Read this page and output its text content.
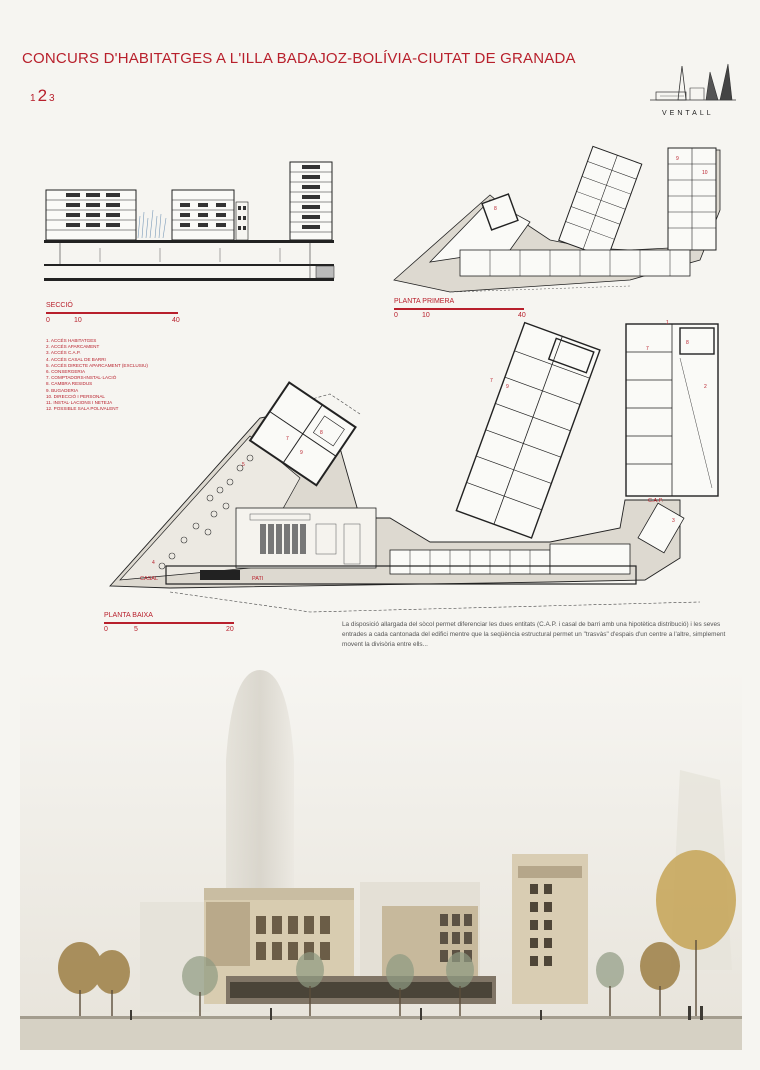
CONCURS D'HABITATGES A L'ILLA BADAJOZ-BOLÍVIA-CIUTAT DE GRANADA
1 2 3
VENTALL
SECCIÓ
0	10	40
8
9
10
PLANTA PRIMERA
0	10	40
1. ACCÉS HABITATGES
2. ACCÉS APARCAMENT
3. ACCÉS C.A.P.
4. ACCÉS CASAL DE BARRI
5. ACCÉS DIRECTE APARCAMENT (EXCLUSIU)
6. CONSERGERIA
7. COMPTADORS-INSTAL·LACIÓ
8. CAMBRA RESIDUS
9. BUGADERIA
10. DIRECCIÓ I PERSONAL
11. INSTAL·LACIONS I NETEJA
12. POSSIBLE SALA POLIVALENT
CASAL	PATI
C.A.P.
7
8
9
5
4
3
2
1
7
9
7
8
PLANTA BAIXA
0	5	20
La disposició allargada del sòcol permet diferenciar les dues entitats (C.A.P. i casal de barri amb una hipotètica distribució) i les seves entrades a cada cantonada del edifici mentre que la seqüència estructural permet un "trasvàs" d'espais d'un centre a l'altre, simplement movent la divisòria entre ells...
